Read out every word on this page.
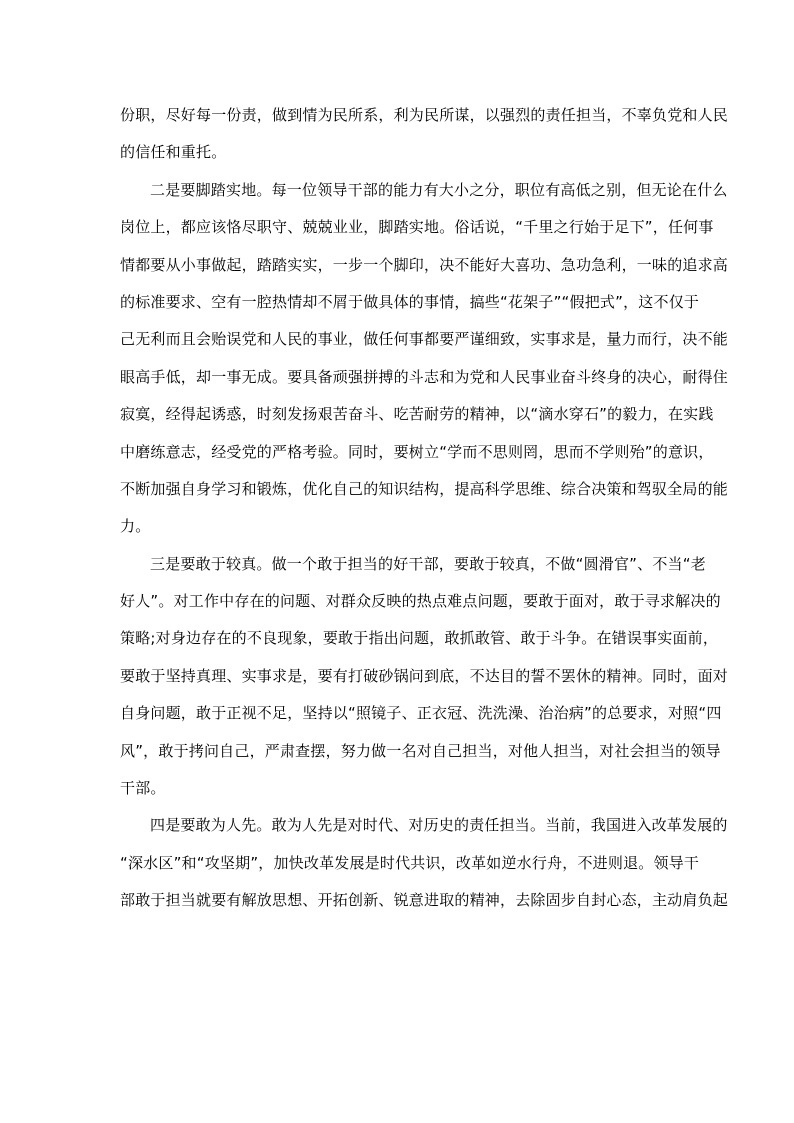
份职，尽好每一份责，做到情为民所系，利为民所谋，以强烈的责任担当，不辜负党和人民
的信任和重托。
二是要脚踏实地。每一位领导干部的能力有大小之分，职位有高低之别，但无论在什么
岗位上，都应该恪尽职守、兢兢业业，脚踏实地。俗话说，“千里之行始于足下”，任何事
情都要从小事做起，踏踏实实，一步一个脚印，决不能好大喜功、急功急利，一味的追求高
的标准要求、空有一腔热情却不屑于做具体的事情，搞些“花架子”“假把式”，这不仅于
己无利而且会贻误党和人民的事业，做任何事都要严谨细致，实事求是，量力而行，决不能
眼高手低，却一事无成。要具备顽强拼搏的斗志和为党和人民事业奋斗终身的决心，耐得住
寂寞，经得起诱惑，时刻发扬艰苦奋斗、吃苦耐劳的精神，以“滴水穿石”的毅力，在实践
中磨练意志，经受党的严格考验。同时，要树立“学而不思则罔，思而不学则殆”的意识，
不断加强自身学习和锻炼，优化自己的知识结构，提高科学思维、综合决策和驾驭全局的能
力。
三是要敢于较真。做一个敢于担当的好干部，要敢于较真，不做“圆滑官”、不当“老
好人”。对工作中存在的问题、对群众反映的热点难点问题，要敢于面对，敢于寻求解决的
策略;对身边存在的不良现象，要敢于指出问题，敢抓敢管、敢于斗争。在错误事实面前，
要敢于坚持真理、实事求是，要有打破砂锅问到底，不达目的誓不罢休的精神。同时，面对
自身问题，敢于正视不足，坚持以“照镜子、正衣冠、洗洗澡、治治病”的总要求，对照“四
风”，敢于拷问自己，严肃查摆，努力做一名对自己担当，对他人担当，对社会担当的领导
干部。
四是要敢为人先。敢为人先是对时代、对历史的责任担当。当前，我国进入改革发展的
“深水区”和“攻坚期”，加快改革发展是时代共识，改革如逆水行舟，不进则退。领导干
部敢于担当就要有解放思想、开拓创新、锐意进取的精神，去除固步自封心态，主动肩负起
